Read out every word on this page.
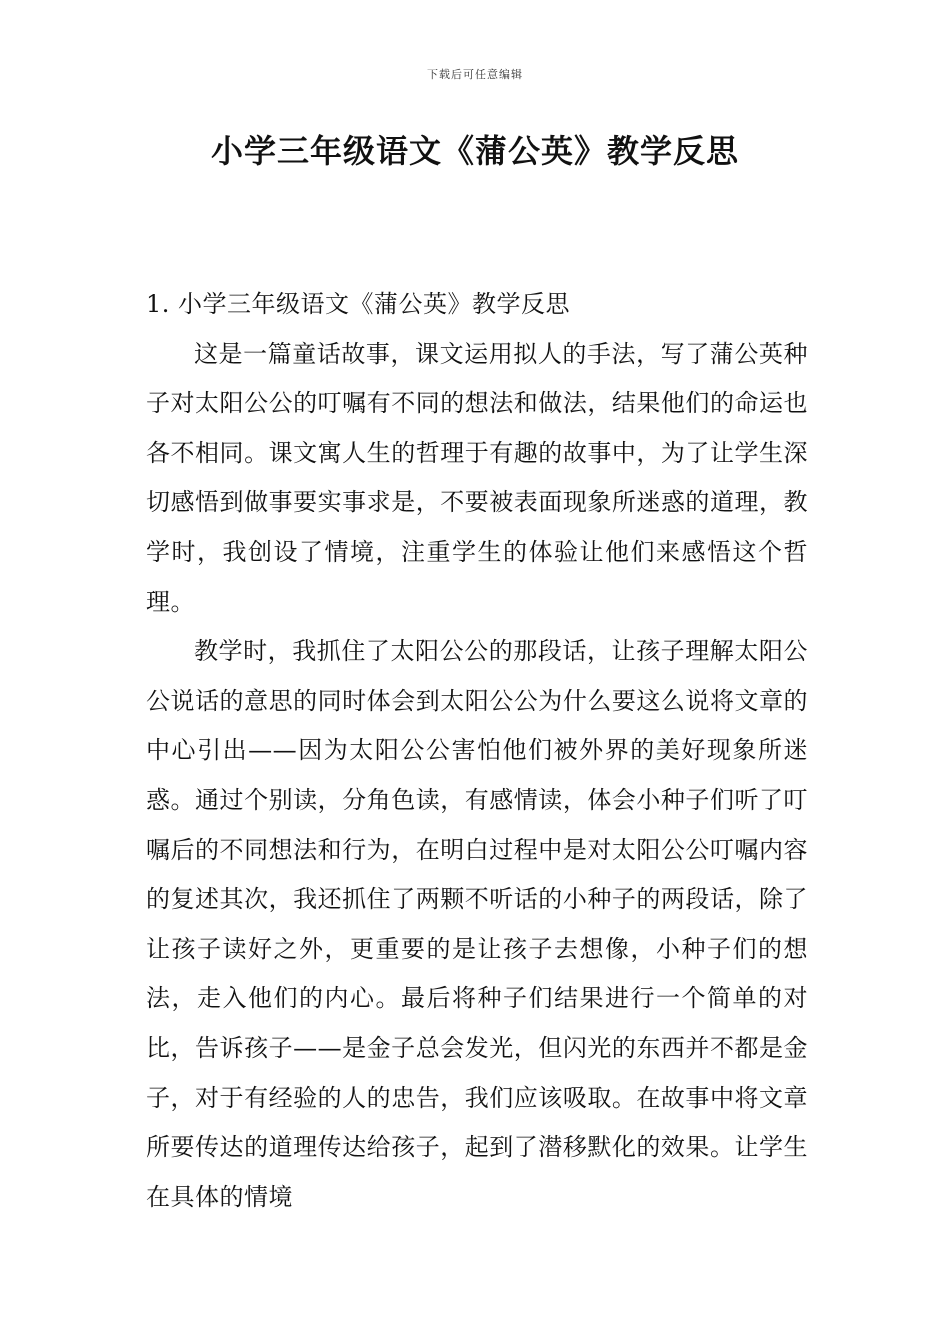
下载后可任意编辑
小学三年级语文《蒲公英》教学反思

1. 小学三年级语文《蒲公英》教学反思

这是一篇童话故事，课文运用拟人的手法，写了蒲公英种子对太阳公公的叮嘱有不同的想法和做法，结果他们的命运也各不相同。课文寓人生的哲理于有趣的故事中，为了让学生深切感悟到做事要实事求是，不要被表面现象所迷惑的道理，教学时，我创设了情境，注重学生的体验让他们来感悟这个哲理。

教学时，我抓住了太阳公公的那段话，让孩子理解太阳公公说话的意思的同时体会到太阳公公为什么要这么说将文章的中心引出——因为太阳公公害怕他们被外界的美好现象所迷惑。通过个别读，分角色读，有感情读，体会小种子们听了叮嘱后的不同想法和行为，在明白过程中是对太阳公公叮嘱内容的复述其次，我还抓住了两颗不听话的小种子的两段话，除了让孩子读好之外，更重要的是让孩子去想像，小种子们的想法，走入他们的内心。最后将种子们结果进行一个简单的对比，告诉孩子——是金子总会发光，但闪光的东西并不都是金子，对于有经验的人的忠告，我们应该吸取。在故事中将文章所要传达的道理传达给孩子，起到了潜移默化的效果。让学生在具体的情境
